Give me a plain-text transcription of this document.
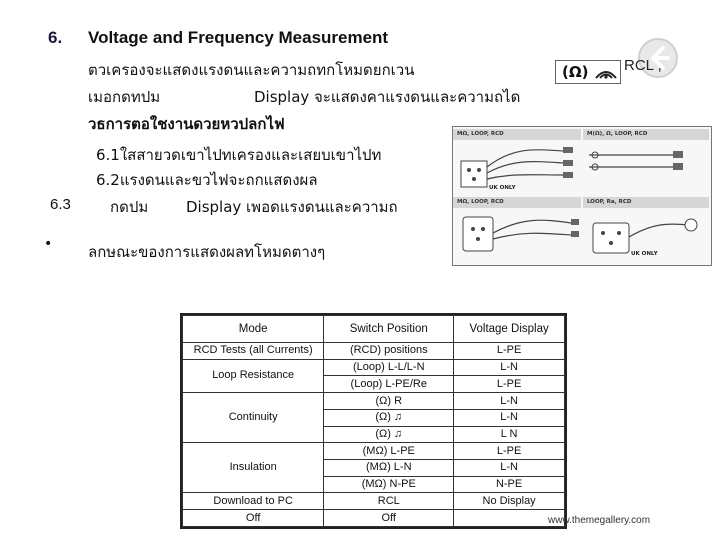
6. Voltage and Frequency Measurement
ตวเครองจะแสดงแรงดนและความถทกโหมดยกเวน	(Ω) RCL ,
เมอกดทปม	Display จะแสดงคาแรงดนและความถได
วธการตอใชงานดวยหวปลกไฟ
6.1ใสสายวดเขาไปทเครองและเสยบเขาไปท
6.2แรงดนและขวไฟจะถกแสดงผล
6.3	กดปม	Display เพอดแรงดนและความถ
• ลกษณะของการแสดงผลทโหมดตางๆ
MΩ, LOOP, RCD	M(Ω), Ω, LOOP, RCD
MΩ, LOOP, RCD	LOOP, Ra, RCD
UK ONLY
UK ONLY
Mode	Switch Position	Voltage Display
RCD Tests (all Currents)	(RCD) positions	L-PE
Loop Resistance	(Loop) L-L/L-N	L-N
	(Loop) L-PE/Re	L-PE
Continuity	(Ω) R	L-N
	(Ω) ♫	L-N
	(Ω) ♫	L N
Insulation	(MΩ) L-PE	L-PE
	(MΩ) L-N	L-N
	(MΩ) N-PE	N-PE
Download to PC	RCL	No Display
Off	Off		www.themegallery.com
